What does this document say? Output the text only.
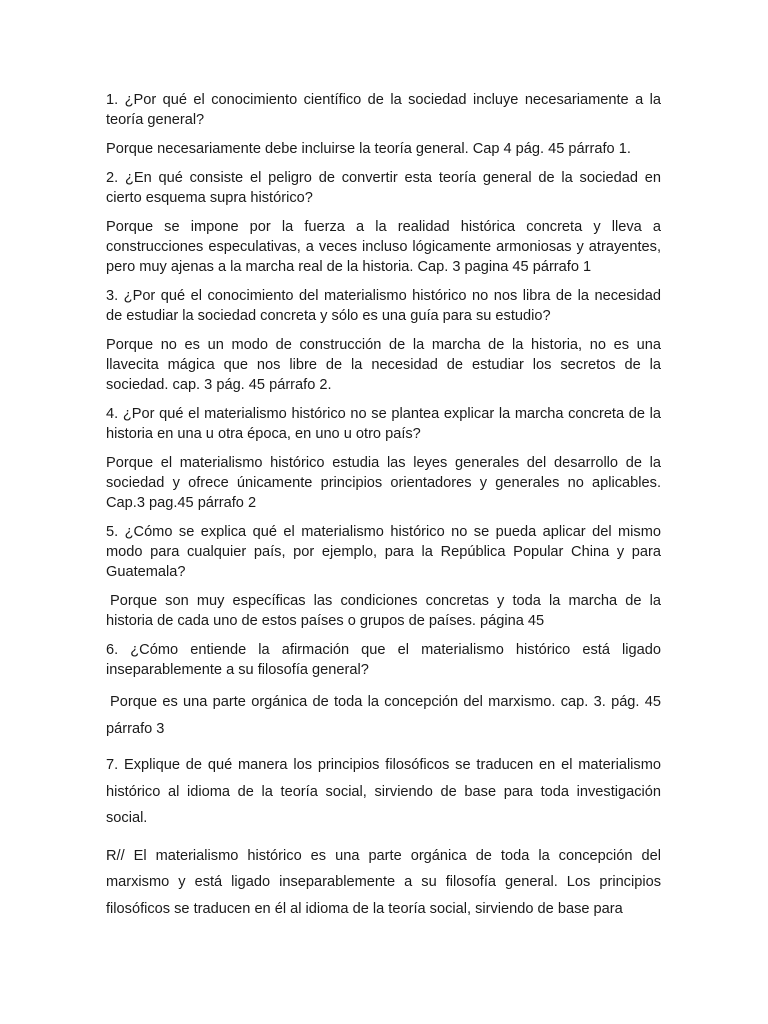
1. ¿Por qué el conocimiento científico de la sociedad incluye necesariamente a la teoría general?

Porque necesariamente debe incluirse la teoría general. Cap 4 pág. 45 párrafo 1.

2. ¿En qué consiste el peligro de convertir esta teoría general de la sociedad en cierto esquema supra histórico?

Porque se impone por la fuerza a la realidad histórica concreta y lleva a construcciones especulativas, a veces incluso lógicamente armoniosas y atrayentes, pero muy ajenas a la marcha real de la historia. Cap. 3 pagina 45 párrafo 1

3. ¿Por qué el conocimiento del materialismo histórico no nos libra de la necesidad de estudiar la sociedad concreta y sólo es una guía para su estudio?

Porque no es un modo de construcción de la marcha de la historia, no es una llavecita mágica que nos libre de la necesidad de estudiar los secretos de la sociedad. cap. 3 pág. 45 párrafo 2.

4. ¿Por qué el materialismo histórico no se plantea explicar la marcha concreta de la historia en una u otra época, en uno u otro país?

Porque el materialismo histórico estudia las leyes generales del desarrollo de la sociedad y ofrece únicamente principios orientadores y generales no aplicables. Cap.3 pag.45 párrafo 2

5. ¿Cómo se explica qué el materialismo histórico no se pueda aplicar del mismo modo para cualquier país, por ejemplo, para la República Popular China y para Guatemala?

Porque son muy específicas las condiciones concretas y toda la marcha de la historia de cada uno de estos países o grupos de países. página 45

6. ¿Cómo entiende la afirmación que el materialismo histórico está ligado inseparablemente a su filosofía general?

Porque es una parte orgánica de toda la concepción del marxismo. cap. 3. pág. 45 párrafo 3

7. Explique de qué manera los principios filosóficos se traducen en el materialismo histórico al idioma de la teoría social, sirviendo de base para toda investigación social.

R// El materialismo histórico es una parte orgánica de toda la concepción del marxismo y está ligado inseparablemente a su filosofía general. Los principios filosóficos se traducen en él al idioma de la teoría social, sirviendo de base para
